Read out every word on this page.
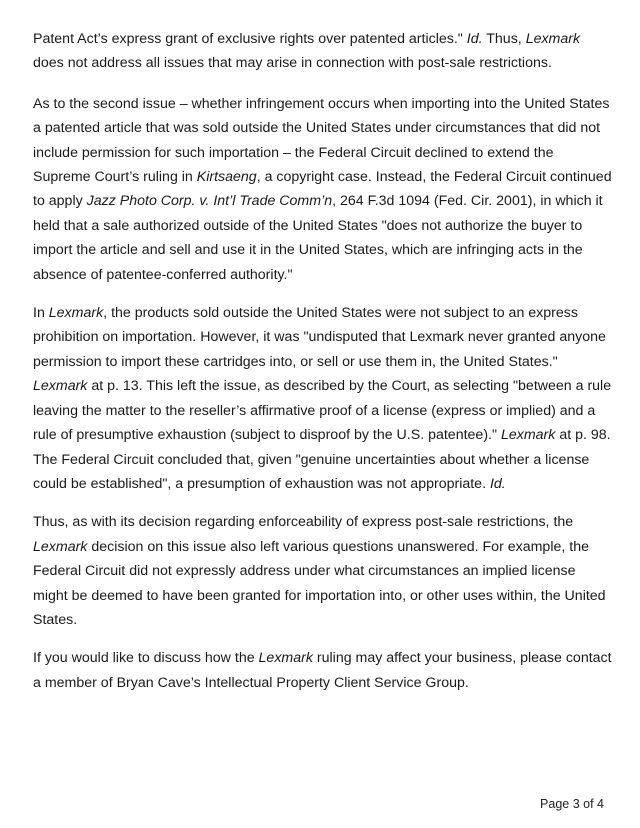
Patent Act’s express grant of exclusive rights over patented articles." Id. Thus, Lexmark does not address all issues that may arise in connection with post-sale restrictions.

As to the second issue – whether infringement occurs when importing into the United States a patented article that was sold outside the United States under circumstances that did not include permission for such importation – the Federal Circuit declined to extend the Supreme Court’s ruling in Kirtsaeng, a copyright case. Instead, the Federal Circuit continued to apply Jazz Photo Corp. v. Int’l Trade Comm’n, 264 F.3d 1094 (Fed. Cir. 2001), in which it held that a sale authorized outside of the United States "does not authorize the buyer to import the article and sell and use it in the United States, which are infringing acts in the absence of patentee-conferred authority."

In Lexmark, the products sold outside the United States were not subject to an express prohibition on importation. However, it was "undisputed that Lexmark never granted anyone permission to import these cartridges into, or sell or use them in, the United States." Lexmark at p. 13. This left the issue, as described by the Court, as selecting "between a rule leaving the matter to the reseller’s affirmative proof of a license (express or implied) and a rule of presumptive exhaustion (subject to disproof by the U.S. patentee)." Lexmark at p. 98. The Federal Circuit concluded that, given "genuine uncertainties about whether a license could be established", a presumption of exhaustion was not appropriate. Id.

Thus, as with its decision regarding enforceability of express post-sale restrictions, the Lexmark decision on this issue also left various questions unanswered. For example, the Federal Circuit did not expressly address under what circumstances an implied license might be deemed to have been granted for importation into, or other uses within, the United States.

If you would like to discuss how the Lexmark ruling may affect your business, please contact a member of Bryan Cave’s Intellectual Property Client Service Group.

Page 3 of 4
